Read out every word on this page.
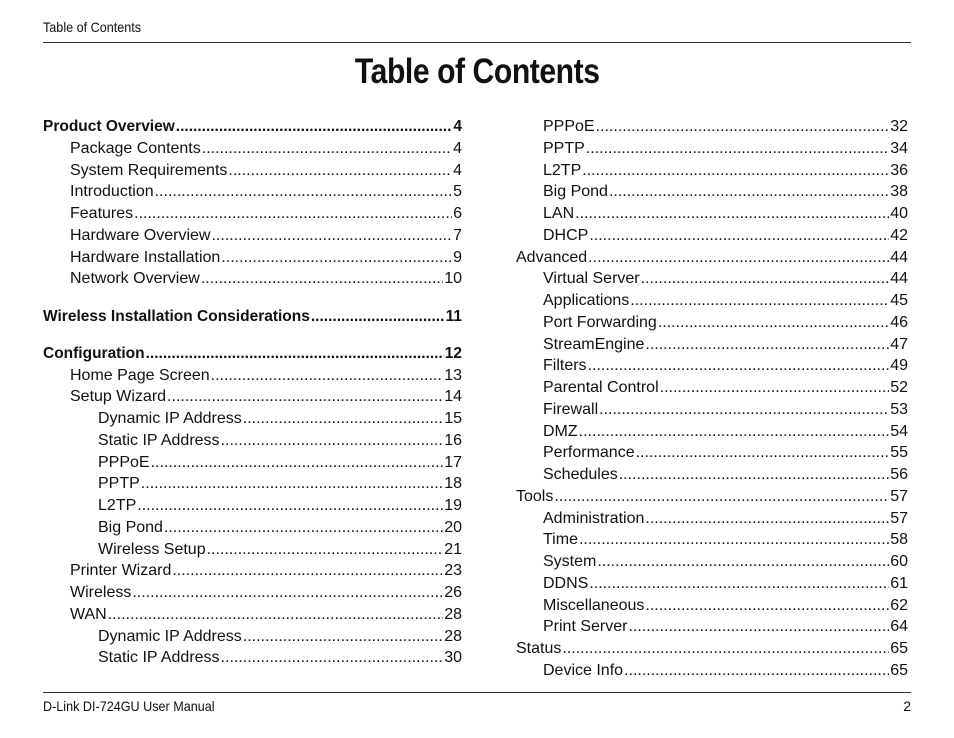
Table of Contents
Table of Contents
Product Overview .....	4
Package Contents .....	4
System Requirements .....	4
Introduction .....	5
Features .....	6
Hardware Overview .....	7
Hardware Installation .....	9
Network Overview .....	10
Wireless Installation Considerations .....	11
Configuration .....	12
Home Page Screen .....	13
Setup Wizard .....	14
Dynamic IP Address .....	15
Static IP Address .....	16
PPPoE .....	17
PPTP .....	18
L2TP .....	19
Big Pond .....	20
Wireless Setup .....	21
Printer Wizard .....	23
Wireless .....	26
WAN .....	28
Dynamic IP Address .....	28
Static IP Address .....	30
PPPoE .....	32
PPTP .....	34
L2TP .....	36
Big Pond .....	38
LAN .....	40
DHCP .....	42
Advanced .....	44
Virtual Server .....	44
Applications .....	45
Port Forwarding .....	46
StreamEngine .....	47
Filters .....	49
Parental Control .....	52
Firewall .....	53
DMZ .....	54
Performance .....	55
Schedules .....	56
Tools .....	57
Administration .....	57
Time .....	58
System .....	60
DDNS .....	61
Miscellaneous .....	62
Print Server .....	64
Status .....	65
Device Info .....	65
D-Link DI-724GU User Manual	2
